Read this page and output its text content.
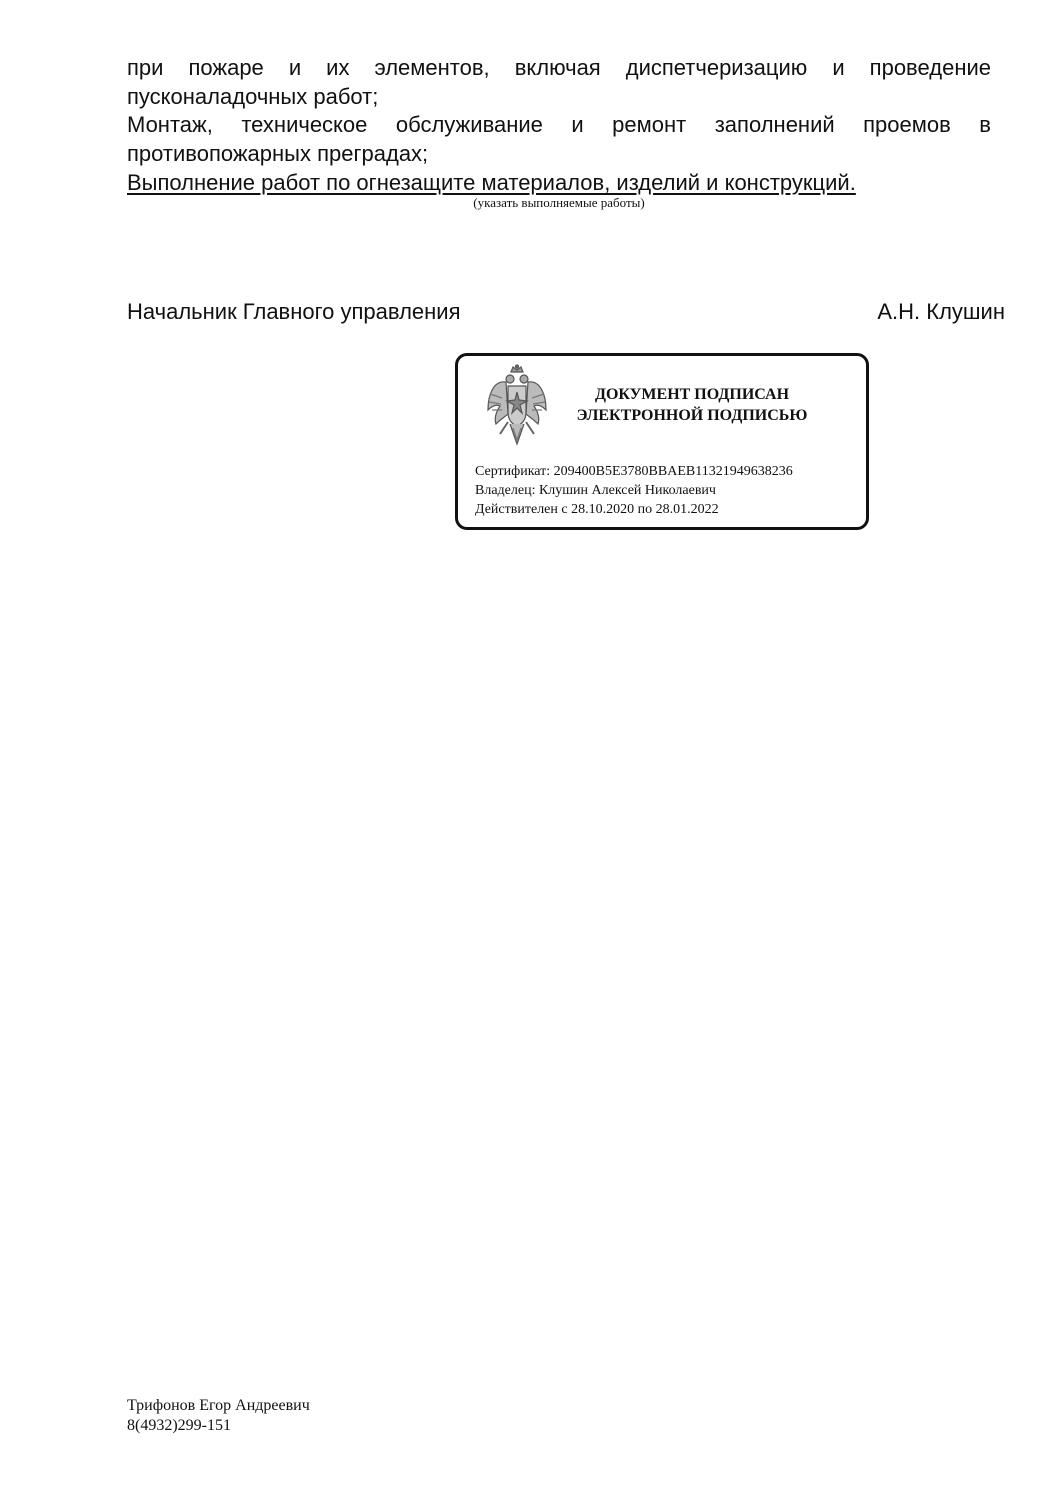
при пожаре и их элементов, включая диспетчеризацию и проведение пусконаладочных работ;

Монтаж, техническое обслуживание и ремонт заполнений проемов в противопожарных преградах;

Выполнение работ по огнезащите материалов, изделий и конструкций.
(указать выполняемые работы)
Начальник Главного управления	А.Н. Клушин
ДОКУМЕНТ ПОДПИСАН
ЭЛЕКТРОННОЙ ПОДПИСЬЮ
Сертификат: 209400B5E3780BBAEB11321949638236
Владелец: Клушин Алексей Николаевич
Действителен с 28.10.2020 по 28.01.2022
Трифонов Егор Андреевич
8(4932)299-151
